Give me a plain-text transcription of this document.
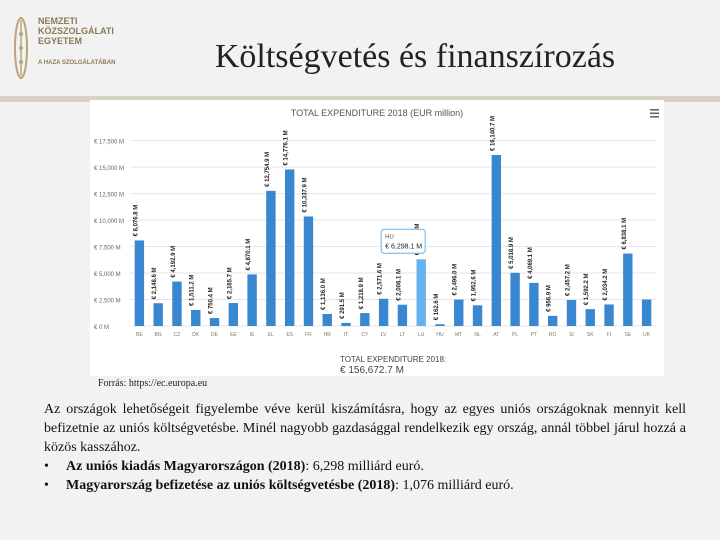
NEMZETI
KÖZSZOLGÁLATI
EGYETEM
A HAZA SZOLGÁLATÁBAN	Költségvetés és finanszírozás
TOTAL EXPENDITURE 2018 (EUR million)
€ 0 M
€ 2,500 M
€ 5,000 M
€ 7,500 M
€ 10,000 M
€ 12,500 M
€ 15,000 M
€ 17,500 M
€ 8,076.8 M
€ 2,148.6 M
€ 4,192.9 M
€ 1,511.2 M € 750.4 M
€ 2,165.7 M
€ 4,870.1 M
€ 12,754.9 M
€ 14,776.1 M
€ 10,337.9 M
€ 1,136.0 M € 291.5 M € 1,218.9 M € 2,571.6 M € 2,008.1 M
€ 162.6 M
€ 2,496.0 M € 1,952.6 M
€ 16,140.7 M
€ 5,018.9 M € 4,069.1 M
€ 956.9 M
€ 2,457.2 M € 1,592.2 M € 2,034.2 M
€ 6,838.1 M
BE BG CZ DK DE EE	IE	EL ES FR HR	IT	CY LV	LT	LU HU MT NL	AT	PL	PT RO	SI	SK	FI	SE UK
HU
€ 6,298.1 M
TOTAL EXPENDITURE 2018:
€ 156,672.7 M
Forrás: https://ec.europa.eu
Az országok lehetőségeit figyelembe véve kerül kiszámításra, hogy az egyes uniós országoknak mennyit kell befizetnie az uniós költségvetésbe. Minél nagyobb gazdasággal rendelkezik egy ország, annál többel járul hozzá a közös kasszához.
•	Az uniós kiadás Magyarországon (2018): 6,298 milliárd euró.
•	Magyarország befizetése az uniós költségvetésbe (2018): 1,076 milliárd euró.
